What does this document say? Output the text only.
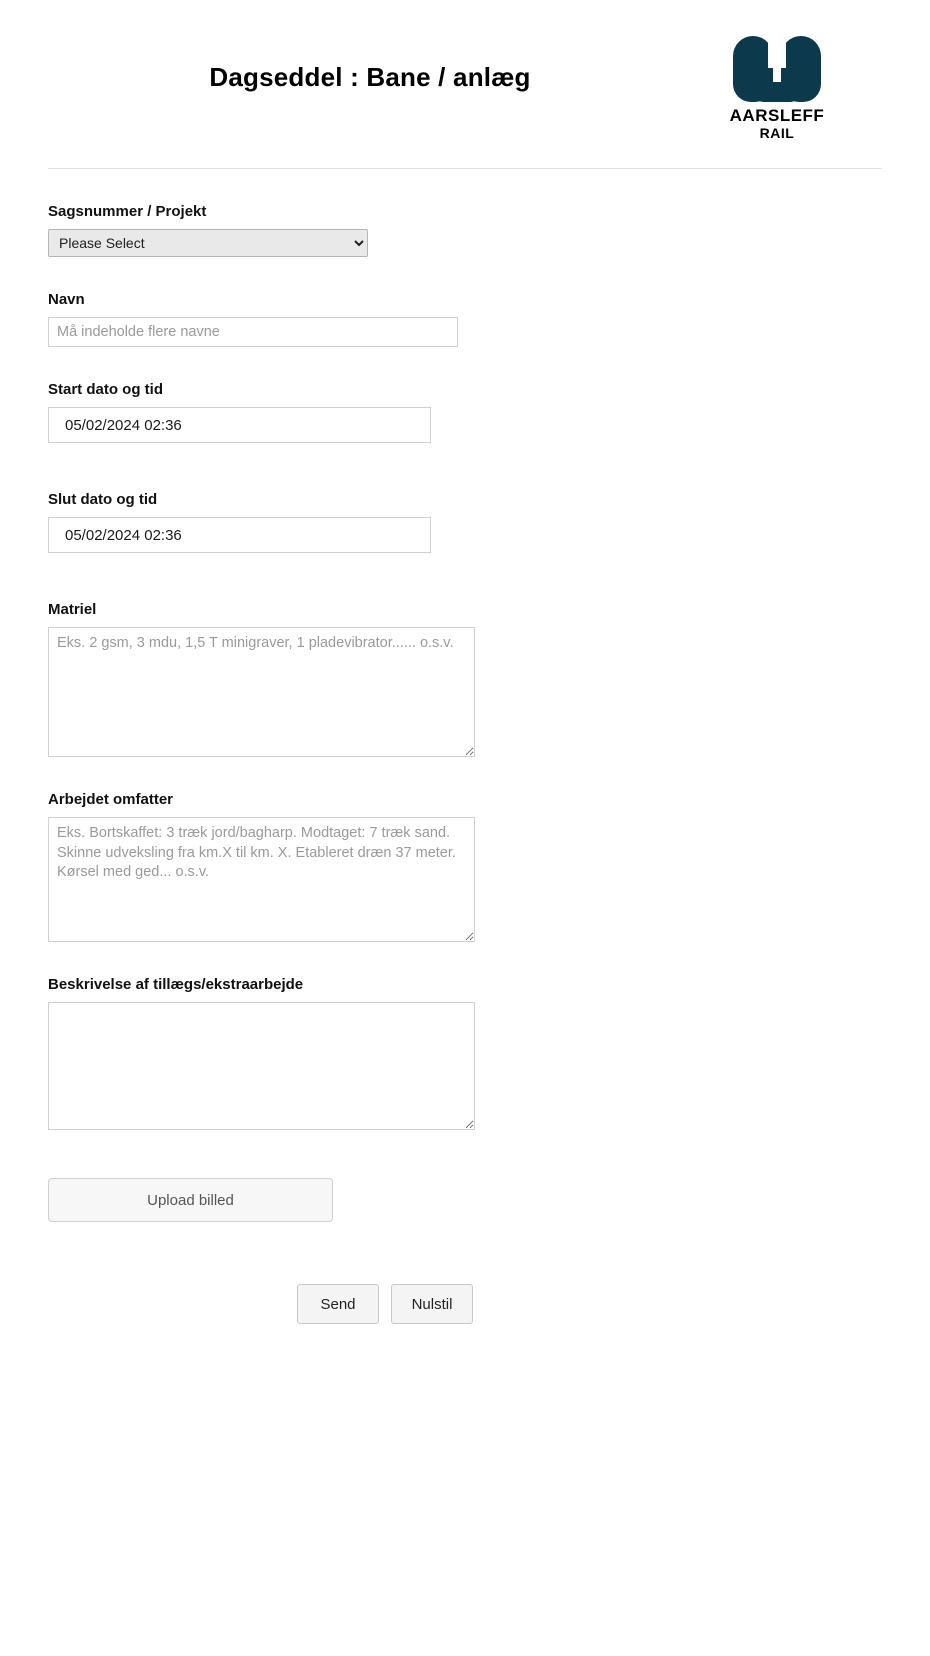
Dagseddel : Bane / anlæg
AARSLEFF
RAIL
Sagsnummer / Projekt
Please Select
Navn
Må indeholde flere navne
Start dato og tid
05/02/2024 02:36
Slut dato og tid
05/02/2024 02:36
Matriel
Eks. 2 gsm, 3 mdu, 1,5 T minigraver, 1 pladevibrator...... o.s.v.
Arbejdet omfatter
Eks. Bortskaffet: 3 træk jord/bagharp. Modtaget: 7 træk sand. Skinne udveksling fra km.X til km. X. Etableret dræn 37 meter. Kørsel med ged... o.s.v.
Beskrivelse af tillægs/ekstraarbejde
Upload billed
Send	Nulstil
